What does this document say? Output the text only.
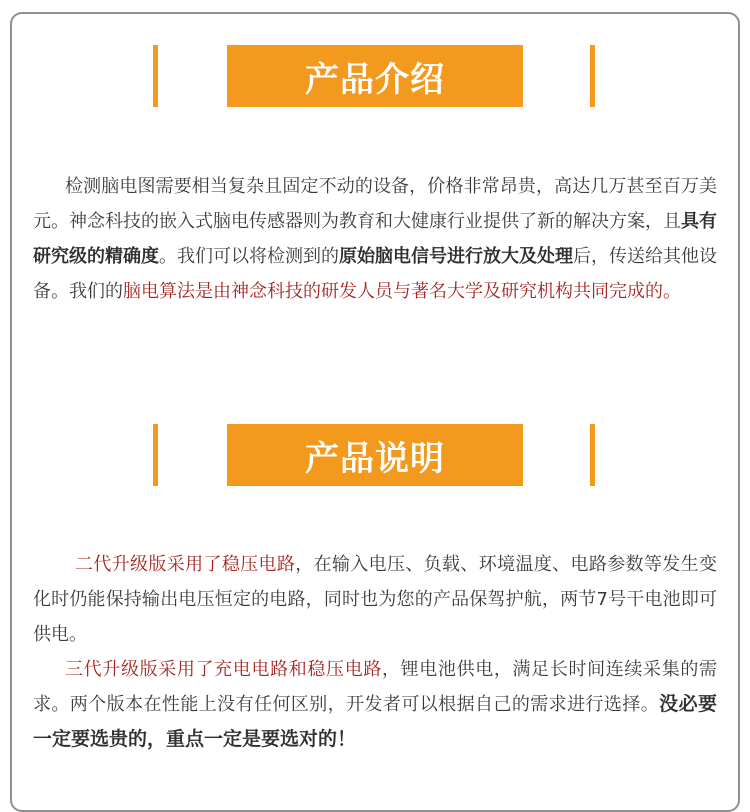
产品介绍
检测脑电图需要相当复杂且固定不动的设备，价格非常昂贵，高达几万甚至百万美元。神念科技的嵌入式脑电传感器则为教育和大健康行业提供了新的解决方案，且具有研究级的精确度。我们可以将检测到的原始脑电信号进行放大及处理后，传送给其他设备。我们的脑电算法是由神念科技的研发人员与著名大学及研究机构共同完成的。
产品说明
二代升级版采用了稳压电路，在输入电压、负载、环境温度、电路参数等发生变化时仍能保持输出电压恒定的电路，同时也为您的产品保驾护航，两节7号干电池即可供电。
三代升级版采用了充电电路和稳压电路，锂电池供电，满足长时间连续采集的需求。两个版本在性能上没有任何区别，开发者可以根据自己的需求进行选择。没必要一定要选贵的，重点一定是要选对的！
